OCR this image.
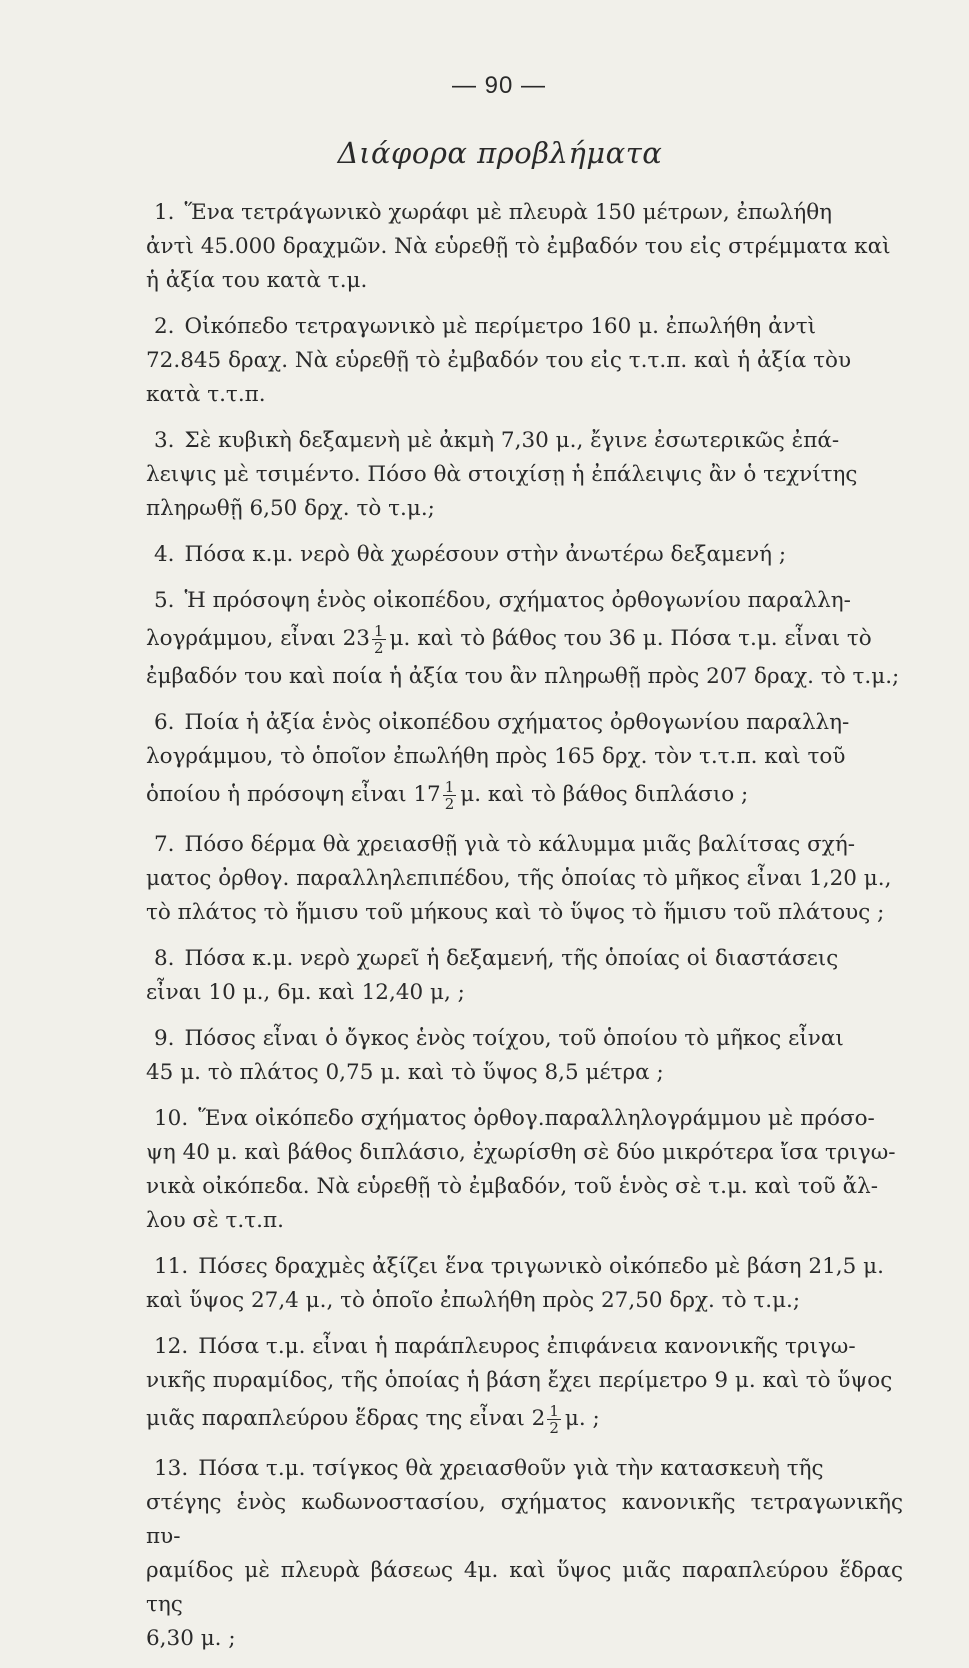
— 90 —
Διάφορα προβλήματα
1. Ἕνα τετράγωνικὸ χωράφι μὲ πλευρὰ 150 μέτρων, ἐπωλήθη
ἀντὶ 45.000 δραχμῶν. Νὰ εὑρεθῇ τὸ ἐμβαδόν του εἰς στρέμματα καὶ
ἡ ἀξία του κατὰ τ.μ.
2. Οἰκόπεδο τετραγωνικὸ μὲ περίμετρο 160 μ. ἐπωλήθη ἀντὶ
72.845 δραχ. Νὰ εὑρεθῇ τὸ ἐμβαδόν του εἰς τ.τ.π. καὶ ἡ ἀξία τὸυ
κατὰ τ.τ.π.
3. Σὲ κυβικὴ δεξαμενὴ μὲ ἀκμὴ 7,30 μ., ἔγινε ἐσωτερικῶς ἐπά-
λειψις μὲ τσιμέντο. Πόσο θὰ στοιχίσῃ ἡ ἐπάλειψις ἂν ὁ τεχνίτης
πληρωθῇ 6,50 δρχ. τὸ τ.μ.;
4. Πόσα κ.μ. νερὸ θὰ χωρέσουν στὴν ἀνωτέρω δεξαμενή ;
5. Ἡ πρόσοψη ἑνὸς οἰκοπέδου, σχήματος ὀρθογωνίου παραλλη-
λογράμμου, εἶναι $23 \frac{1}{2} \mu$. καὶ τὸ βάθος του 36 μ. Πόσα τ.μ. εἶναι τὸ
ἐμβαδόν του καὶ ποία ἡ ἀξία του ἂν πληρωθῇ πρὸς 207 δραχ. τὸ τ.μ.;
6. Ποία ἡ ἀξία ἑνὸς οἰκοπέδου σχήματος ὀρθογωνίου παραλλη-
λογράμμου, τὸ ὁποῖον ἐπωλήθη πρὸς 165 δρχ. τὸν τ.τ.π. καὶ τοῦ
ὁποίου ἡ πρόσοψη εἶναι $17 \frac{1}{2} \mu$. καὶ τὸ βάθος διπλάσιο ;
7. Πόσο δέρμα θὰ χρειασθῇ γιὰ τὸ κάλυμμα μιᾶς βαλίτσας σχή-
ματος ὀρθογ. παραλληλεπιπέδου, τῆς ὁποίας τὸ μῆκος εἶναι 1,20 μ.,
τὸ πλάτος τὸ ἥμισυ τοῦ μήκους καὶ τὸ ὕψος τὸ ἥμισυ τοῦ πλάτους ;
8. Πόσα κ.μ. νερὸ χωρεῖ ἡ δεξαμενή, τῆς ὁποίας οἱ διαστάσεις
εἶναι 10 μ., 6μ. καὶ 12,40 μ, ;
9. Πόσος εἶναι ὁ ὄγκος ἑνὸς τοίχου, τοῦ ὁποίου τὸ μῆκος εἶναι
45 μ. τὸ πλάτος 0,75 μ. καὶ τὸ ὕψος 8,5 μέτρα ;
10. Ἕνα οἰκόπεδο σχήματος ὀρθογ.παραλληλογράμμου μὲ πρόσο-
ψη 40 μ. καὶ βάθος διπλάσιο, ἐχωρίσθη σὲ δύο μικρότερα ἴσα τριγω-
νικὰ οἰκόπεδα. Νὰ εὑρεθῇ τὸ ἐμβαδόν, τοῦ ἑνὸς σὲ τ.μ. καὶ τοῦ ἄλ-
λου σὲ τ.τ.π.
11. Πόσες δραχμὲς ἀξίζει ἕνα τριγωνικὸ οἰκόπεδο μὲ βάση 21,5 μ.
καὶ ὕψος 27,4 μ., τὸ ὁποῖο ἐπωλήθη πρὸς 27,50 δρχ. τὸ τ.μ.;
12. Πόσα τ.μ. εἶναι ἡ παράπλευρος ἐπιφάνεια κανονικῆς τριγω-
νικῆς πυραμίδος, τῆς ὁποίας ἡ βάση ἔχει περίμετρο 9 μ. καὶ τὸ ὕψος
μιᾶς παραπλεύρου ἕδρας της εἶναι $2 \frac{1}{2} \mu$. ;
13. Πόσα τ.μ. τσίγκος θὰ χρειασθοῦν γιὰ τὴν κατασκευὴ τῆς
στέγης ἑνὸς κωδωνοστασίου, σχήματος κανονικῆς τετραγωνικῆς πυ-
ραμίδος μὲ πλευρὰ βάσεως 4μ. καὶ ὕψος μιᾶς παραπλεύρου ἕδρας της
6,30 μ. ;
